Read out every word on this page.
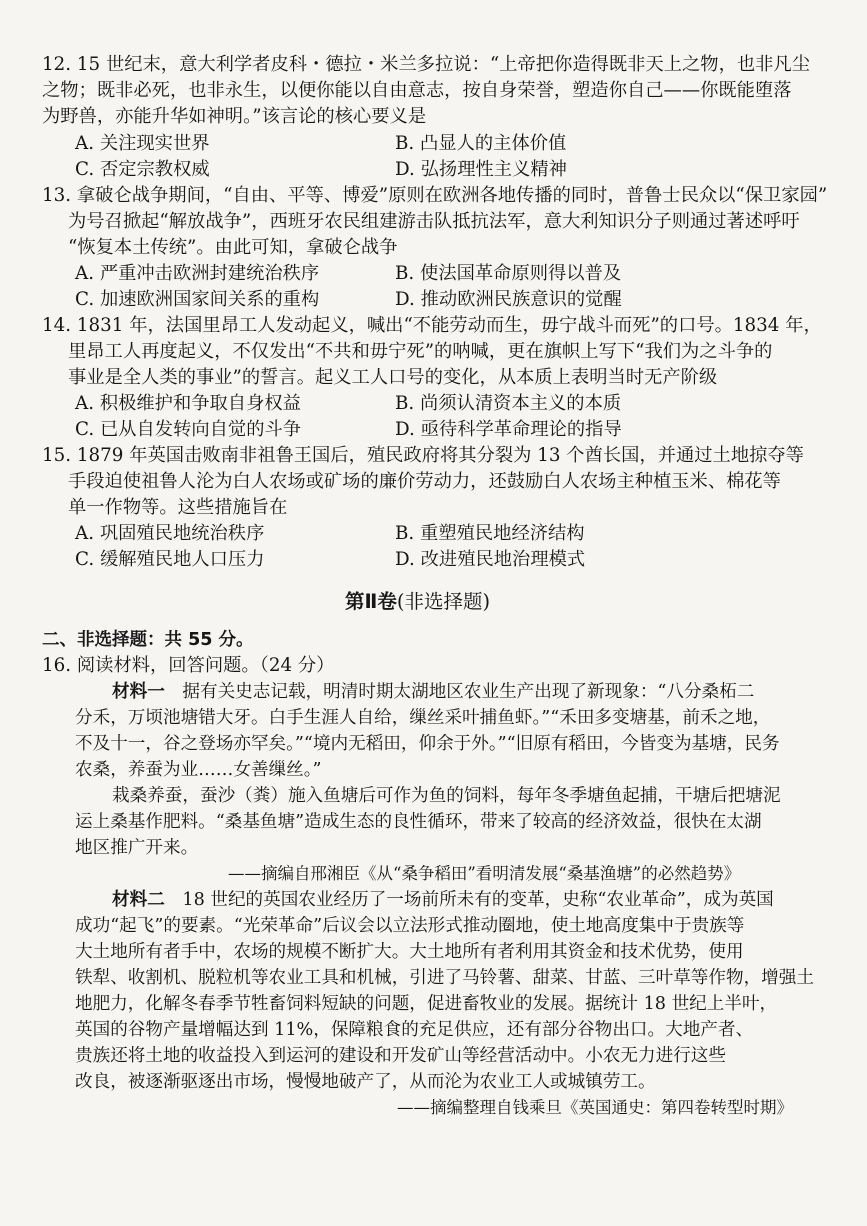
12. 15 世纪末，意大利学者皮科・德拉・米兰多拉说：“上帝把你造得既非天上之物，也非凡尘
之物；既非必死，也非永生，以便你能以自由意志，按自身荣誉，塑造你自己——你既能堕落
为野兽，亦能升华如神明。”该言论的核心要义是
A. 关注现实世界	B. 凸显人的主体价值
C. 否定宗教权威	D. 弘扬理性主义精神
13. 拿破仑战争期间，“自由、平等、博爱”原则在欧洲各地传播的同时，普鲁士民众以“保卫家园”
为号召掀起“解放战争”，西班牙农民组建游击队抵抗法军，意大利知识分子则通过著述呼吁
“恢复本土传统”。由此可知，拿破仑战争
A. 严重冲击欧洲封建统治秩序	B. 使法国革命原则得以普及
C. 加速欧洲国家间关系的重构	D. 推动欧洲民族意识的觉醒
14. 1831 年，法国里昂工人发动起义，喊出“不能劳动而生，毋宁战斗而死”的口号。1834 年，
里昂工人再度起义，不仅发出“不共和毋宁死”的呐喊，更在旗帜上写下“我们为之斗争的
事业是全人类的事业”的誓言。起义工人口号的变化，从本质上表明当时无产阶级
A. 积极维护和争取自身权益	B. 尚须认清资本主义的本质
C. 已从自发转向自觉的斗争	D. 亟待科学革命理论的指导
15. 1879 年英国击败南非祖鲁王国后，殖民政府将其分裂为 13 个酋长国，并通过土地掠夺等
手段迫使祖鲁人沦为白人农场或矿场的廉价劳动力，还鼓励白人农场主种植玉米、棉花等
单一作物等。这些措施旨在
A. 巩固殖民地统治秩序	B. 重塑殖民地经济结构
C. 缓解殖民地人口压力	D. 改进殖民地治理模式
第Ⅱ卷(非选择题)
二、非选择题：共 55 分。
16. 阅读材料，回答问题。（24 分）
材料一  据有关史志记载，明清时期太湖地区农业生产出现了新现象：“八分桑柘二
分禾，万顷池塘错大牙。白手生涯人自给，缫丝采叶捕鱼虾。”“禾田多变塘基，前禾之地，
不及十一，谷之登场亦罕矣。”“境内无稻田，仰余于外。”“旧原有稻田，今皆变为基塘，民务
农桑，养蚕为业……女善缫丝。”
栽桑养蚕，蚕沙（粪）施入鱼塘后可作为鱼的饲料，每年冬季塘鱼起捕，干塘后把塘泥
运上桑基作肥料。“桑基鱼塘”造成生态的良性循环，带来了较高的经济效益，很快在太湖
地区推广开来。
——摘编自邢湘臣《从“桑争稻田”看明清发展“桑基渔塘”的必然趋势》
材料二  18 世纪的英国农业经历了一场前所未有的变革，史称“农业革命”，成为英国
成功“起飞”的要素。“光荣革命”后议会以立法形式推动圈地，使土地高度集中于贵族等
大土地所有者手中，农场的规模不断扩大。大土地所有者利用其资金和技术优势，使用
铁犁、收割机、脱粒机等农业工具和机械，引进了马铃薯、甜菜、甘蓝、三叶草等作物，增强土
地肥力，化解冬春季节牲畜饲料短缺的问题，促进畜牧业的发展。据统计 18 世纪上半叶，
英国的谷物产量增幅达到 11%，保障粮食的充足供应，还有部分谷物出口。大地产者、
贵族还将土地的收益投入到运河的建设和开发矿山等经营活动中。小农无力进行这些
改良，被逐渐驱逐出市场，慢慢地破产了，从而沦为农业工人或城镇劳工。
——摘编整理自钱乘旦《英国通史：第四卷转型时期》
